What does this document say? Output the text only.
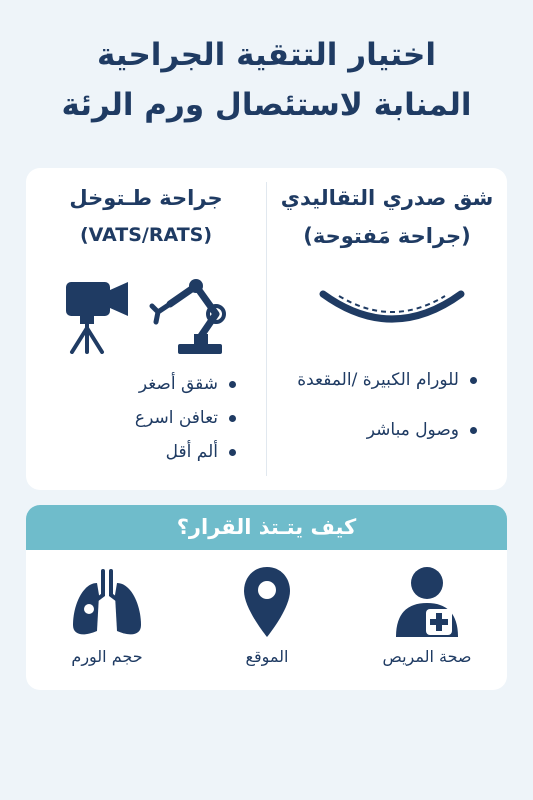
اختيار التتقية الجراحية
المنابة لاستئصال ورم الرئة
شق صدري التقاليدي
(جراحة مَفتوحة)
للورام الكبيرة /المقعدة
وصول مباشر
جراحة طـتوخل
(VATS/RATS)
شقق أصغر
تعافن اسرع
ألم أقل
كيف يتـتذ القرار؟
صحة المريص
الموقع
حجم الورم
